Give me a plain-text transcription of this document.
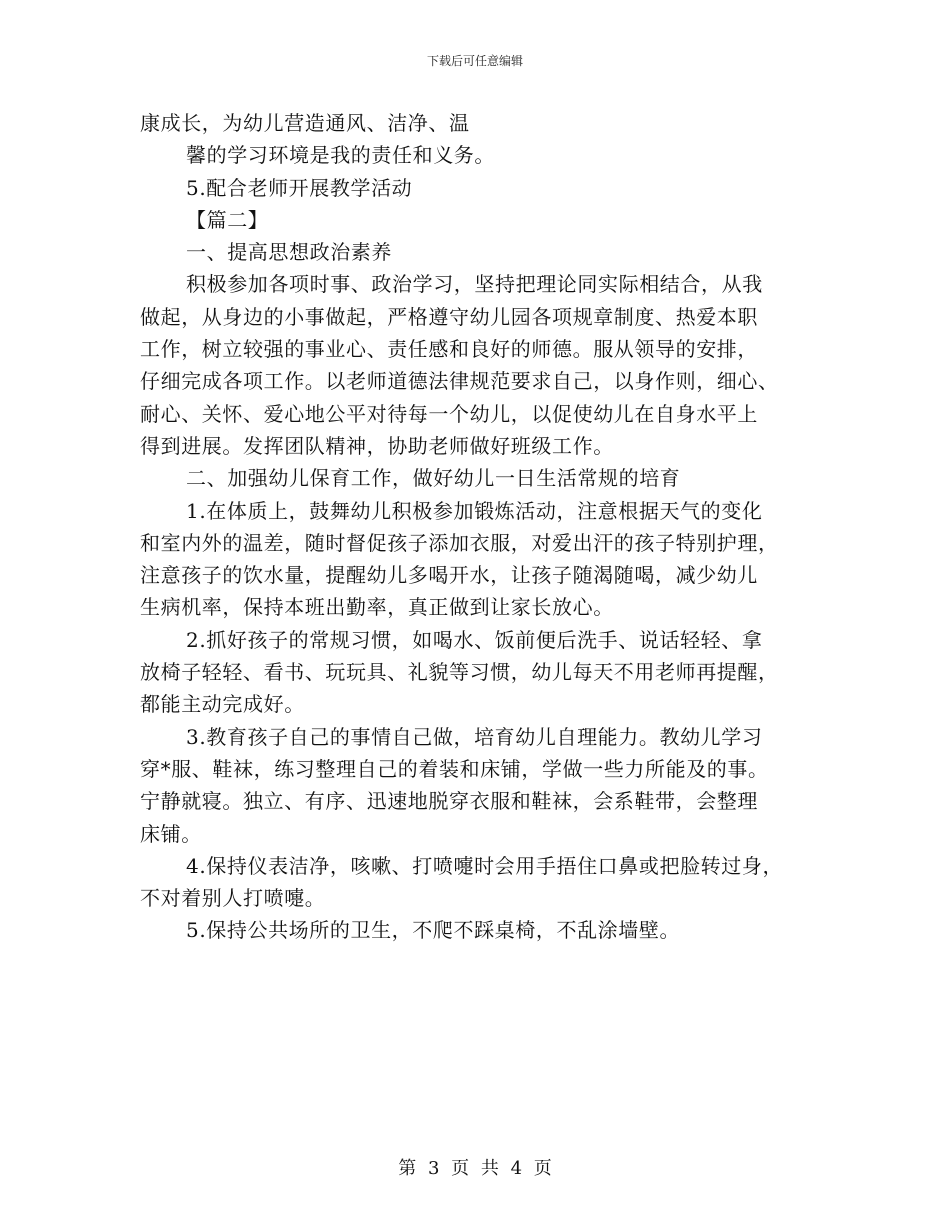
下载后可任意编辑

康成长，为幼儿营造通风、洁净、温

馨的学习环境是我的责任和义务。

5.配合老师开展教学活动

【篇二】

一、提高思想政治素养

积极参加各项时事、政治学习，坚持把理论同实际相结合，从我

做起，从身边的小事做起，严格遵守幼儿园各项规章制度、热爱本职

工作，树立较强的事业心、责任感和良好的师德。服从领导的安排，

仔细完成各项工作。以老师道德法律规范要求自己，以身作则，细心、

耐心、关怀、爱心地公平对待每一个幼儿，以促使幼儿在自身水平上

得到进展。发挥团队精神，协助老师做好班级工作。

二、加强幼儿保育工作，做好幼儿一日生活常规的培育

1.在体质上，鼓舞幼儿积极参加锻炼活动，注意根据天气的变化

和室内外的温差，随时督促孩子添加衣服，对爱出汗的孩子特别护理，

注意孩子的饮水量，提醒幼儿多喝开水，让孩子随渴随喝，减少幼儿

生病机率，保持本班出勤率，真正做到让家长放心。

2.抓好孩子的常规习惯，如喝水、饭前便后洗手、说话轻轻、拿

放椅子轻轻、看书、玩玩具、礼貌等习惯，幼儿每天不用老师再提醒，

都能主动完成好。

3.教育孩子自己的事情自己做，培育幼儿自理能力。教幼儿学习

穿*服、鞋袜，练习整理自己的着装和床铺，学做一些力所能及的事。

宁静就寝。独立、有序、迅速地脱穿衣服和鞋袜，会系鞋带，会整理

床铺。

4.保持仪表洁净，咳嗽、打喷嚏时会用手捂住口鼻或把脸转过身，

不对着别人打喷嚏。

5.保持公共场所的卫生，不爬不踩桌椅，不乱涂墙壁。

第 3 页 共 4 页
